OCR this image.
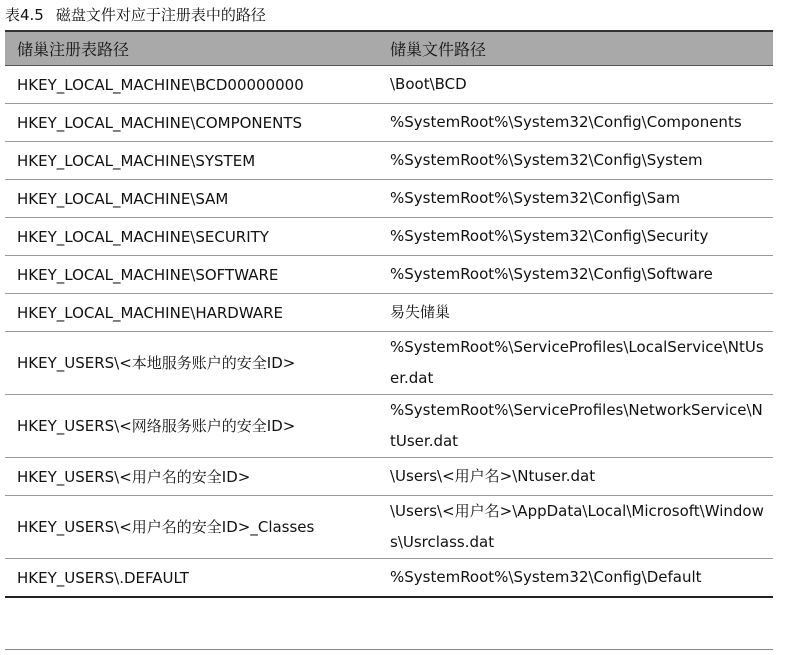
表4.5 磁盘文件对应于注册表中的路径
储巢注册表路径	储巢文件路径
HKEY_LOCAL_MACHINE\BCD00000000	\Boot\BCD
HKEY_LOCAL_MACHINE\COMPONENTS	%SystemRoot%\System32\Config\Components
HKEY_LOCAL_MACHINE\SYSTEM	%SystemRoot%\System32\Config\System
HKEY_LOCAL_MACHINE\SAM	%SystemRoot%\System32\Config\Sam
HKEY_LOCAL_MACHINE\SECURITY	%SystemRoot%\System32\Config\Security
HKEY_LOCAL_MACHINE\SOFTWARE	%SystemRoot%\System32\Config\Software
HKEY_LOCAL_MACHINE\HARDWARE	易失储巢
HKEY_USERS\<本地服务账户的安全ID>	%SystemRoot%\ServiceProfiles\LocalService\NtUser.dat
HKEY_USERS\<网络服务账户的安全ID>	%SystemRoot%\ServiceProfiles\NetworkService\NtUser.dat
HKEY_USERS\<用户名的安全ID>	\Users\<用户名>\Ntuser.dat
HKEY_USERS\<用户名的安全ID>_Classes	\Users\<用户名>\AppData\Local\Microsoft\Windows\Usrclass.dat
HKEY_USERS\.DEFAULT	%SystemRoot%\System32\Config\Default
